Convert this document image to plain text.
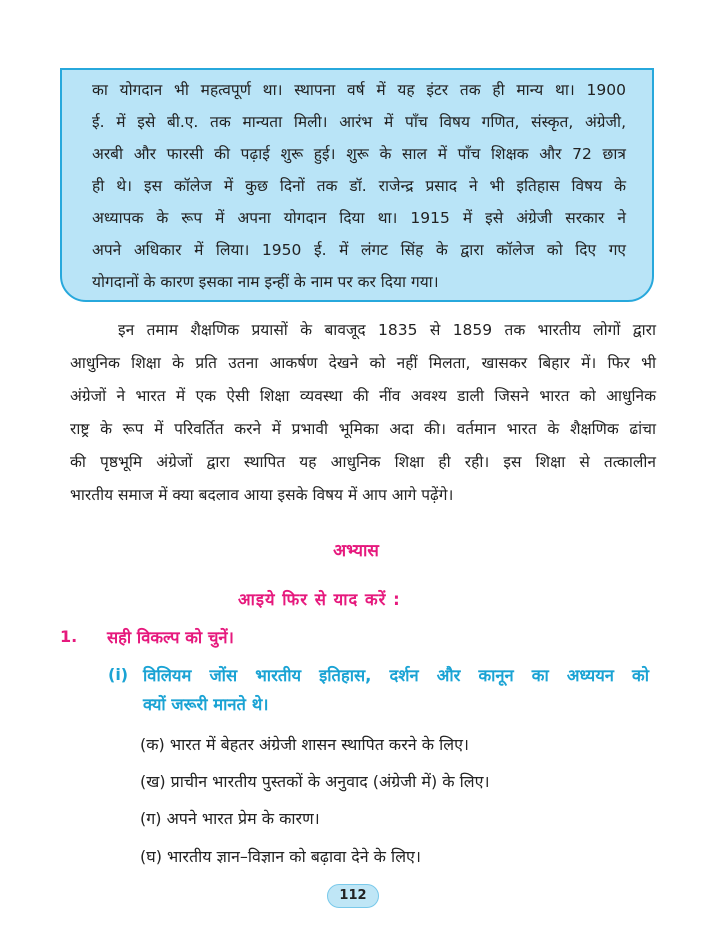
का योगदान भी महत्वपूर्ण था। स्थापना वर्ष में यह इंटर तक ही मान्य था। 1900
ई. में इसे बी.ए. तक मान्यता मिली। आरंभ में पाँच विषय गणित, संस्कृत, अंग्रेजी,
अरबी और फारसी की पढ़ाई शुरू हुई। शुरू के साल में पाँच शिक्षक और 72 छात्र
ही थे। इस कॉलेज में कुछ दिनों तक डॉ. राजेन्द्र प्रसाद ने भी इतिहास विषय के
अध्यापक के रूप में अपना योगदान दिया था। 1915 में इसे अंग्रेजी सरकार ने
अपने अधिकार में लिया। 1950 ई. में लंगट सिंह के द्वारा कॉलेज को दिए गए
योगदानों के कारण इसका नाम इन्हीं के नाम पर कर दिया गया।
इन तमाम शैक्षणिक प्रयासों के बावजूद 1835 से 1859 तक भारतीय लोगों द्वारा
आधुनिक शिक्षा के प्रति उतना आकर्षण देखने को नहीं मिलता, खासकर बिहार में। फिर भी
अंग्रेजों ने भारत में एक ऐसी शिक्षा व्यवस्था की नींव अवश्य डाली जिसने भारत को आधुनिक
राष्ट्र के रूप में परिवर्तित करने में प्रभावी भूमिका अदा की। वर्तमान भारत के शैक्षणिक ढांचा
की पृष्ठभूमि अंग्रेजों द्वारा स्थापित यह आधुनिक शिक्षा ही रही। इस शिक्षा से तत्कालीन
भारतीय समाज में क्या बदलाव आया इसके विषय में आप आगे पढ़ेंगे।
अभ्यास
आइये फिर से याद करें :
1. सही विकल्प को चुनें।
(i) विलियम जोंस भारतीय इतिहास, दर्शन और कानून का अध्ययन को
क्यों जरूरी मानते थे।
(क) भारत में बेहतर अंग्रेजी शासन स्थापित करने के लिए।
(ख) प्राचीन भारतीय पुस्तकों के अनुवाद (अंग्रेजी में) के लिए।
(ग) अपने भारत प्रेम के कारण।
(घ) भारतीय ज्ञान–विज्ञान को बढ़ावा देने के लिए।
112
